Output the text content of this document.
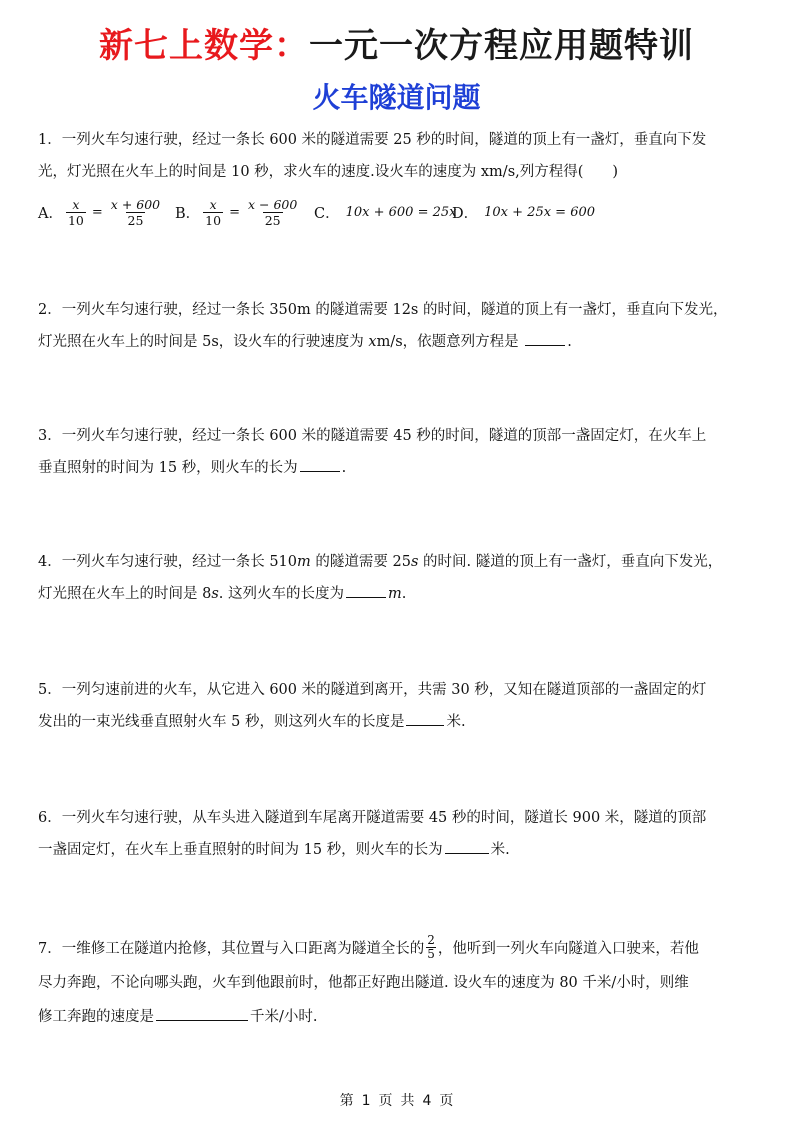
新七上数学：一元一次方程应用题特训
火车隧道问题
1．一列火车匀速行驶，经过一条长 600 米的隧道需要 25 秒的时间，隧道的顶上有一盏灯，垂直向下发
光，灯光照在火车上的时间是 10 秒，求火车的速度.设火车的速度为 xm/s,列方程得(　　)
A． $\frac{x}{10} = \frac{x + 600}{25}$ B． $\frac{x}{10} = \frac{x - 600}{25}$ C． 10x + 600 = 25x
D． 10x + 25x = 600
2．一列火车匀速行驶，经过一条长 350m 的隧道需要 12s 的时间，隧道的顶上有一盏灯，垂直向下发光，
灯光照在火车上的时间是 5s，设火车的行驶速度为 xm/s，依题意列方程是	.
3．一列火车匀速行驶，经过一条长 600 米的隧道需要 45 秒的时间，隧道的顶部一盏固定灯，在火车上
垂直照射的时间为 15 秒，则火车的长为	.
4．一列火车匀速行驶，经过一条长 510m 的隧道需要 25s 的时间. 隧道的顶上有一盏灯，垂直向下发光，
灯光照在火车上的时间是 8s. 这列火车的长度为	m.
5．一列匀速前进的火车，从它进入 600 米的隧道到离开，共需 30 秒，又知在隧道顶部的一盏固定的灯
发出的一束光线垂直照射火车 5 秒，则这列火车的长度是	米.
6．一列火车匀速行驶，从车头进入隧道到车尾离开隧道需要 45 秒的时间，隧道长 900 米，隧道的顶部
一盏固定灯，在火车上垂直照射的时间为 15 秒，则火车的长为	米.
7．一维修工在隧道内抢修，其位置与入口距离为隧道全长的 $\frac{2}{5}$ ，他听到一列火车向隧道入口驶来，若他
尽力奔跑，不论向哪头跑，火车到他跟前时，他都正好跑出隧道. 设火车的速度为 80 千米/小时，则维
修工奔跑的速度是	千米/小时.
第 1 页 共 4 页
